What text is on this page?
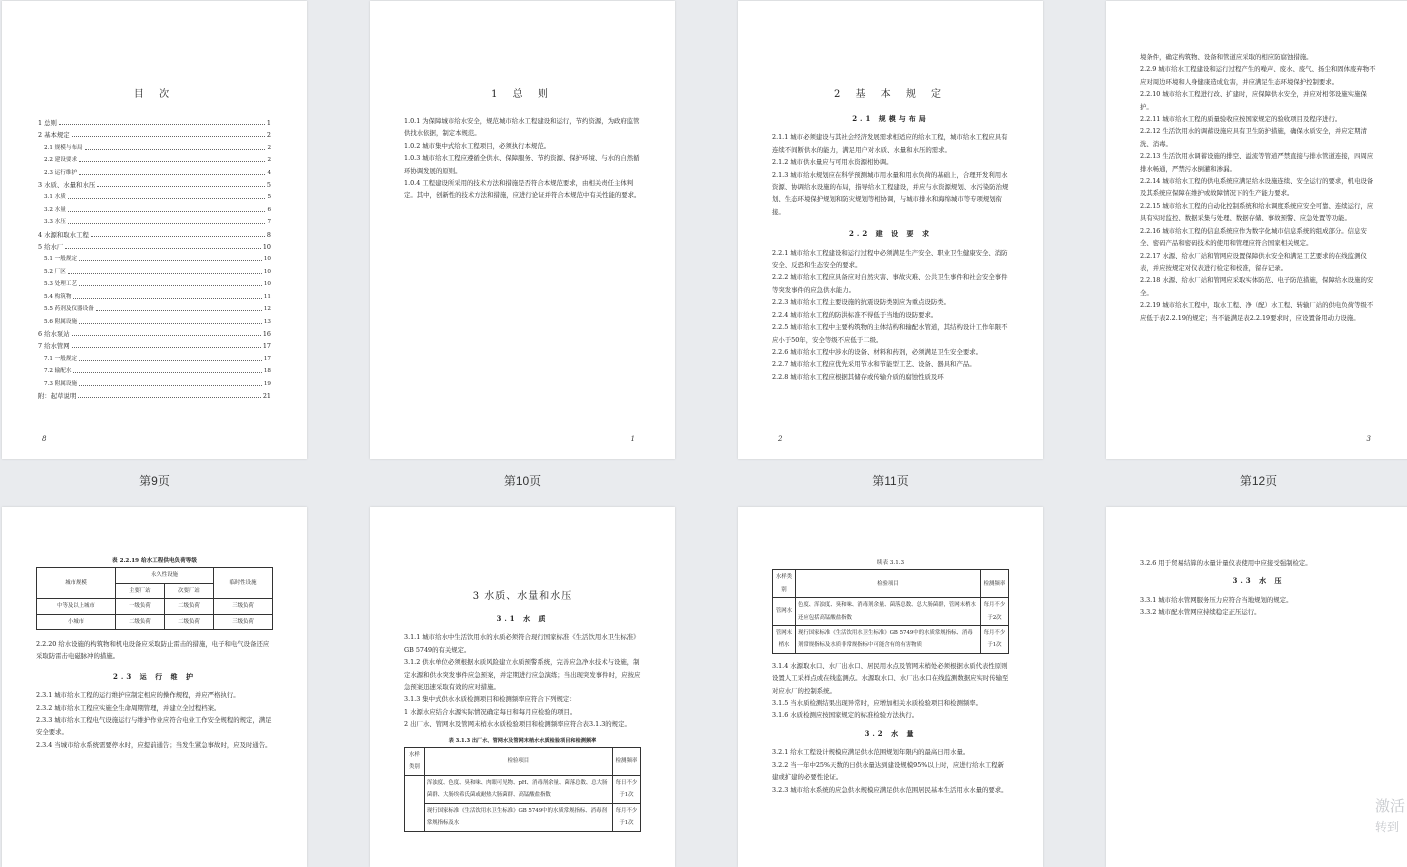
目 次
1 总则	1
2 基本规定	2
2.1 规模与布局	2
2.2 建设要求	2
2.3 运行维护	4
3 水质、水量和水压	5
3.1 水质	5
3.2 水量	6
3.3 水压	7
4 水源和取水工程	8
5 给水厂	10
5.1 一般规定	10
5.2 厂区	10
5.3 处理工艺	10
5.4 构筑物	11
5.5 药剂及仪器设备	12
5.6 附属设施	13
6 给水泵站	16
7 给水管网	17
7.1 一般规定	17
7.2 输配水	18
7.3 附属设施	19
附：起草说明	21
8
第9页
1 总 则

1.0.1 为保障城市给水安全，规范城市给水工程建设和运行，节约资源，为政府监管供找水依据，制定本规范。

1.0.2 城市集中式给水工程项目，必须执行本规范。

1.0.3 城市给水工程应遵循全供水、保障服务、节约资源、保护环境、与水的自然循环协调发展的原则。

1.0.4 工程建设所采用的技术方法和措施是否符合本规范要求，由相关责任主体判定。其中，创新性的技术方法和措施，应进行论证并符合本规范中有关性能的要求。

1
第10页
2 基 本 规 定
2.1 规模与布局

2.1.1 城市必须建设与其社会经济发展需求相适应的给水工程，城市给水工程应具有连续不间断供水的能力，满足用户对水质、水量和水压的需求。

2.1.2 城市供水量应与可用水资源相协调。

2.1.3 城市给水规划应在科学预测城市用水量和用水负荷的基础上，合理开发利用水资源、协调给水设施的布局，指导给水工程建设，并应与水资源规划、水污染防治规划、生态环境保护规划和防灾规划等相协调，与城市排水和海绵城市等专项规划衔接。

2.2 建 设 要 求

2.2.1 城市给水工程建设和运行过程中必须满足生产安全、职业卫生健康安全、消防安全、反恐和生态安全的要求。

2.2.2 城市给水工程应具备应对自然灾害、事故灾难、公共卫生事件和社会安全事件等突发事件的应急供水能力。

2.2.3 城市给水工程主要设施的抗震设防类别应为重点设防类。

2.2.4 城市给水工程的防洪标准不得低于当地的设防要求。

2.2.5 城市给水工程中主要构筑物的主体结构和输配水管道，其结构设计工作年限不应小于50年，安全等级不应低于二级。

2.2.6 城市给水工程中涉水的设备、材料和药剂，必须满足卫生安全要求。

2.2.7 城市给水工程应优先采用节水和节能型工艺、设备、器具和产品。

2.2.8 城市给水工程应根据其储存或传输介质的腐蚀性质及环

2
第11页

境条件，确定构筑物、设备和管道应采取的相应防腐蚀措施。

2.2.9 城市给水工程建设和运行过程产生的噪声、废水、废气、扬尘和固体废弃物不应对周边环境和人身健康造成危害，并应满足生态环境保护控制要求。

2.2.10 城市给水工程进行改、扩建时，应保障供水安全，并应对相邻设施实施保护。

2.2.11 城市给水工程的质量验收应按国家规定的验收项目及程序进行。

2.2.12 生活饮用水的调蓄设施应具有卫生防护措施，确保水质安全，并应定期清洗、消毒。

2.2.13 生活饮用水调蓄设施的排空、溢流等管道严禁直接与排水管道连接，四周应排水畅通，严禁污水倒灌和渗漏。

2.2.14 城市给水工程的供电系统应满足给水设施连续、安全运行的要求，机电设备及其系统应保障在维护或故障情况下的生产能力要求。

2.2.15 城市给水工程的自动化控制系统和给水调度系统应安全可靠、连续运行，应具有实时监控、数据采集与处理、数据存储、事故预警、应急处置等功能。

2.2.16 城市给水工程的信息系统应作为数字化城市信息系统的组成部分。信息安全、密码产品和密码技术的使用和管理应符合国家相关规定。

2.2.17 水源、给水厂站和管网应设置保障供水安全和满足工艺要求的在线监测仪表，并应按规定对仪表进行检定和校准，留存记录。

2.2.18 水源、给水厂站和管网应采取实体防范、电子防范措施，保障给水设施的安全。

2.2.19 城市给水工程中，取水工程、净（配）水工程、转输厂站的供电负荷等级不应低于表2.2.19的规定；当不能满足表2.2.19要求时，应设置备用动力设施。

3
第12页
表 2.2.19 给水工程供电负荷等级
城市规模	永久性设施		临时性设施
	主要厂站	次要厂站	
中等及以上城市	一级负荷	二级负荷	三级负荷
小城市	二级负荷	二级负荷	三级负荷

2.2.20 给水设施的构筑物和机电设备应采取防止雷击的措施，电子和电气设备还应采取防雷击电磁脉冲的措施。

2.3 运 行 维 护

2.3.1 城市给水工程的运行维护应制定相应的操作规程，并应严格执行。

2.3.2 城市给水工程应实施全生命周期管理，并建立全过程档案。

2.3.3 城市给水工程电气设施运行与维护作业应符合电业工作安全规程的规定，满足安全要求。

2.3.4 当城市给水系统需要停水时，应提前通告；当发生紧急事故时，应及时通告。

3 水质、水量和水压
3.1 水 质

3.1.1 城市给水中生活饮用水的水质必须符合现行国家标准《生活饮用水卫生标准》GB 5749的有关规定。

3.1.2 供水单位必须根据水质风险建立水质预警系统，完善应急净水技术与设施，制定水源和供水突发事件应急预案，并定期进行应急演练；当出现突发事件时，应按应急预案迅速采取有效的应对措施。

3.1.3 集中式供水水质检测项目和检测频率应符合下列规定：

1 水源水应结合水源实际情况确定每日和每月应检验的项目。

2 出厂水、管网水及管网末梢水水质检验项目和检测频率应符合表3.1.3的规定。

表 3.1.3 出厂水、管网水及管网末梢水水质检验项目和检测频率
水样类别	检验项目	检测频率
	浑浊度、色度、臭和味、肉眼可见物、pH、消毒剂余量、菌落总数、总大肠菌群、大肠埃希氏菌或耐热大肠菌群、高锰酸盐指数	每日不少于1次
	现行国家标准《生活饮用水卫生标准》GB 5749中的水质常规指标、消毒剂常规指标及水	每月不少于1次
续表 3.1.3
水样类别	检验项目	检测频率
管网水	色度、浑浊度、臭和味、消毒剂余量、菌落总数、总大肠菌群，管网末梢水还应包括高锰酸盐指数	每月不少于2次
管网末梢水	现行国家标准《生活饮用水卫生标准》GB 5749中的水质常规指标、消毒剂常规指标及水质非常规指标中可能含有的有害物质	每月不少于1次

3.1.4 水源取水口、水厂出水口、居民用水点及管网末梢处必须根据水质代表性原则设置人工采样点或在线监测点。水源取水口、水厂出水口在线监测数据应实时传输至对应水厂的控制系统。

3.1.5 当水质检测结果出现异常时，应增加相关水质检验项目和检测频率。

3.1.6 水质检测应按国家规定的标准检验方法执行。

3.2 水 量

3.2.1 给水工程设计规模应满足供水范围规划年限内的最高日用水量。

3.2.2 当一年中25%天数的日供水量达到建设规模95%以上时，应进行给水工程新建或扩建的必要性论证。

3.2.3 城市给水系统的应急供水规模应满足供水范围居民基本生活用水水量的要求。

3.2.6 用于贸易结算的水量计量仪表使用中应接受强制检定。

3.3 水 压

3.3.1 城市给水管网服务压力应符合当地规划的规定。

3.3.2 城市配水管网应持续稳定正压运行。

激活
转到
